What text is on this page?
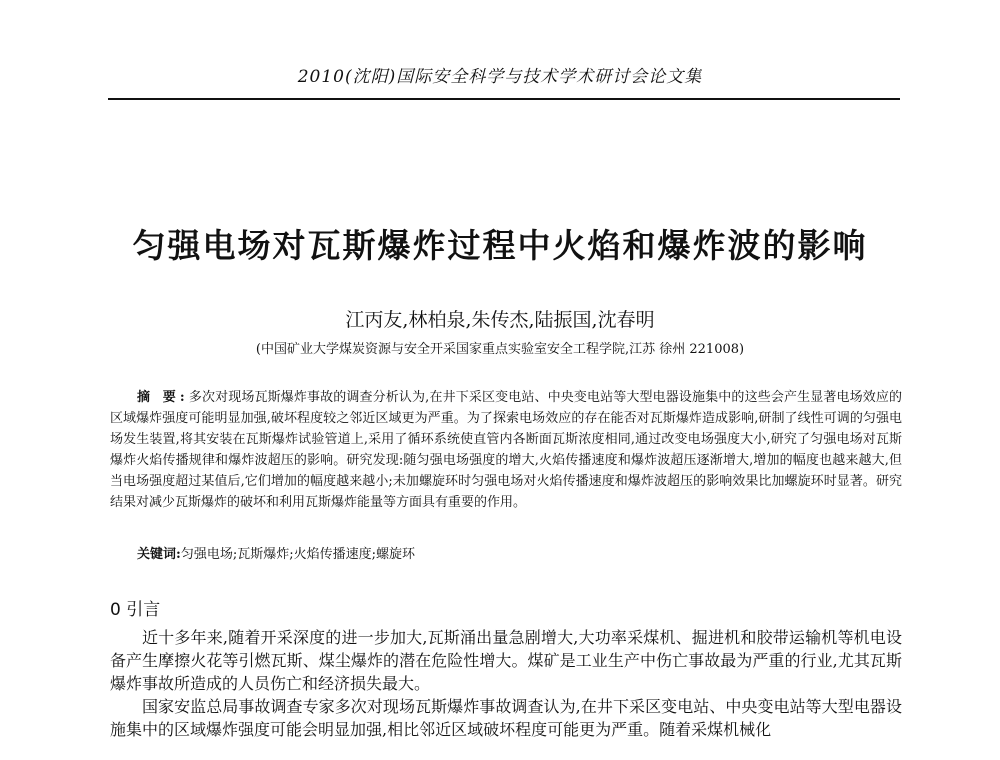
2010(沈阳)国际安全科学与技术学术研讨会论文集
匀强电场对瓦斯爆炸过程中火焰和爆炸波的影响
江丙友,林柏泉,朱传杰,陆振国,沈春明
(中国矿业大学煤炭资源与安全开采国家重点实验室安全工程学院,江苏 徐州 221008)
摘 要:多次对现场瓦斯爆炸事故的调查分析认为,在井下采区变电站、中央变电站等大型电器设施集中的这些会产生显著电场效应的区域爆炸强度可能明显加强,破坏程度较之邻近区域更为严重。为了探索电场效应的存在能否对瓦斯爆炸造成影响,研制了线性可调的匀强电场发生装置,将其安装在瓦斯爆炸试验管道上,采用了循环系统使直管内各断面瓦斯浓度相同,通过改变电场强度大小,研究了匀强电场对瓦斯爆炸火焰传播规律和爆炸波超压的影响。研究发现:随匀强电场强度的增大,火焰传播速度和爆炸波超压逐渐增大,增加的幅度也越来越大,但当电场强度超过某值后,它们增加的幅度越来越小;未加螺旋环时匀强电场对火焰传播速度和爆炸波超压的影响效果比加螺旋环时显著。研究结果对减少瓦斯爆炸的破坏和利用瓦斯爆炸能量等方面具有重要的作用。
关键词:匀强电场;瓦斯爆炸;火焰传播速度;螺旋环
0 引言

近十多年来,随着开采深度的进一步加大,瓦斯涌出量急剧增大,大功率采煤机、掘进机和胶带运输机等机电设备产生摩擦火花等引燃瓦斯、煤尘爆炸的潜在危险性增大。煤矿是工业生产中伤亡事故最为严重的行业,尤其瓦斯爆炸事故所造成的人员伤亡和经济损失最大。

国家安监总局事故调查专家多次对现场瓦斯爆炸事故调查认为,在井下采区变电站、中央变电站等大型电器设施集中的区域爆炸强度可能会明显加强,相比邻近区域破坏程度可能更为严重。随着采煤机械化
